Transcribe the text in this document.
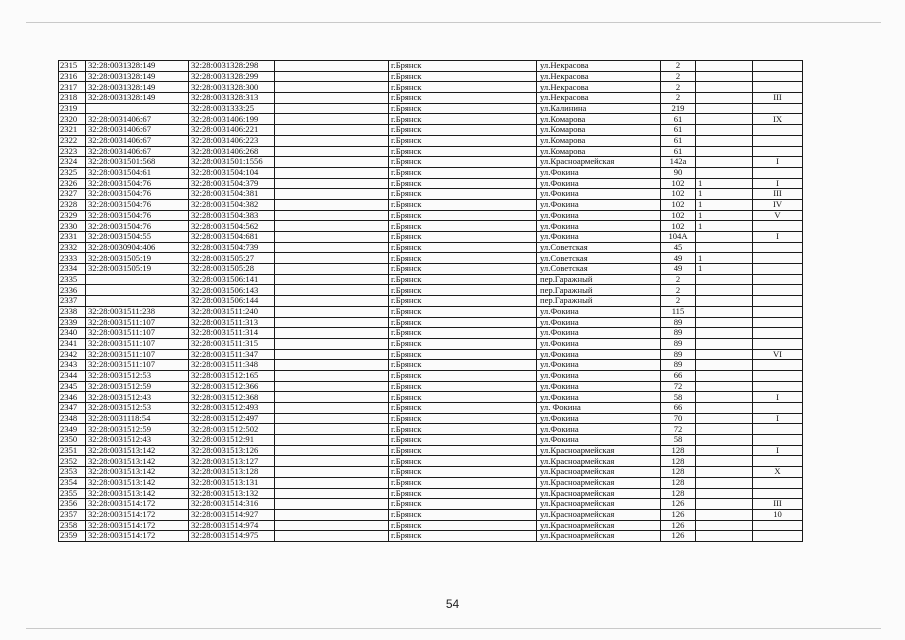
2315	32:28:0031328:149	32:28:0031328:298		г.Брянск	ул.Некрасова	2		
2316	32:28:0031328:149	32:28:0031328:299		г.Брянск	ул.Некрасова	2		
2317	32:28:0031328:149	32:28:0031328:300		г.Брянск	ул.Некрасова	2		
2318	32:28:0031328:149	32:28:0031328:313		г.Брянск	ул.Некрасова	2		III
2319		32:28:0031333:25		г.Брянск	ул.Калинина	219		
2320	32:28:0031406:67	32:28:0031406:199		г.Брянск	ул.Комарова	61		IX
2321	32:28:0031406:67	32:28:0031406:221		г.Брянск	ул.Комарова	61		
2322	32:28:0031406:67	32:28:0031406:223		г.Брянск	ул.Комарова	61		
2323	32:28:0031406:67	32:28:0031406:268		г.Брянск	ул.Комарова	61		
2324	32:28:0031501:568	32:28:0031501:1556		г.Брянск	ул.Красноармейская	142a		I
2325	32:28:0031504:61	32:28:0031504:104		г.Брянск	ул.Фокина	90		
2326	32:28:0031504:76	32:28:0031504:379		г.Брянск	ул.Фокина	102	1	I
2327	32:28:0031504:76	32:28:0031504:381		г.Брянск	ул.Фокина	102	1	III
2328	32:28:0031504:76	32:28:0031504:382		г.Брянск	ул.Фокина	102	1	IV
2329	32:28:0031504:76	32:28:0031504:383		г.Брянск	ул.Фокина	102	1	V
2330	32:28:0031504:76	32:28:0031504:562		г.Брянск	ул.Фокина	102	1	
2331	32:28:0031504:55	32:28:0031504:681		г.Брянск	ул.Фокина	104A		I
2332	32:28:0030904:406	32:28:0031504:739		г.Брянск	ул.Советская	45		
2333	32:28:0031505:19	32:28:0031505:27		г.Брянск	ул.Советская	49	1	
2334	32:28:0031505:19	32:28:0031505:28		г.Брянск	ул.Советская	49	1	
2335		32:28:0031506:141		г.Брянск	пер.Гаражный	2		
2336		32:28:0031506:143		г.Брянск	пер.Гаражный	2		
2337		32:28:0031506:144		г.Брянск	пер.Гаражный	2		
2338	32:28:0031511:238	32:28:0031511:240		г.Брянск	ул.Фокина	115		
2339	32:28:0031511:107	32:28:0031511:313		г.Брянск	ул.Фокина	89		
2340	32:28:0031511:107	32:28:0031511:314		г.Брянск	ул.Фокина	89		
2341	32:28:0031511:107	32:28:0031511:315		г.Брянск	ул.Фокина	89		
2342	32:28:0031511:107	32:28:0031511:347		г.Брянск	ул.Фокина	89		VI
2343	32:28:0031511:107	32:28:0031511:348		г.Брянск	ул.Фокина	89		
2344	32:28:0031512:53	32:28:0031512:165		г.Брянск	ул.Фокина	66		
2345	32:28:0031512:59	32:28:0031512:366		г.Брянск	ул.Фокина	72		
2346	32:28:0031512:43	32:28:0031512:368		г.Брянск	ул.Фокина	58		I
2347	32:28:0031512:53	32:28:0031512:493		г.Брянск	ул. Фокина	66		
2348	32:28:0031118:54	32:28:0031512:497		г.Брянск	ул.Фокина	70		I
2349	32:28:0031512:59	32:28:0031512:502		г.Брянск	ул.Фокина	72		
2350	32:28:0031512:43	32:28:0031512:91		г.Брянск	ул.Фокина	58		
2351	32:28:0031513:142	32:28:0031513:126		г.Брянск	ул.Красноармейская	128		I
2352	32:28:0031513:142	32:28:0031513:127		г.Брянск	ул.Красноармейская	128		
2353	32:28:0031513:142	32:28:0031513:128		г.Брянск	ул.Красноармейская	128		X
2354	32:28:0031513:142	32:28:0031513:131		г.Брянск	ул.Красноармейская	128		
2355	32:28:0031513:142	32:28:0031513:132		г.Брянск	ул.Красноармейская	128		
2356	32:28:0031514:172	32:28:0031514:316		г.Брянск	ул.Красноармейская	126		III
2357	32:28:0031514:172	32:28:0031514:927		г.Брянск	ул.Красноармейская	126		10
2358	32:28:0031514:172	32:28:0031514:974		г.Брянск	ул.Красноармейская	126		
2359	32:28:0031514:172	32:28:0031514:975		г.Брянск	ул.Красноармейская	126		
54
